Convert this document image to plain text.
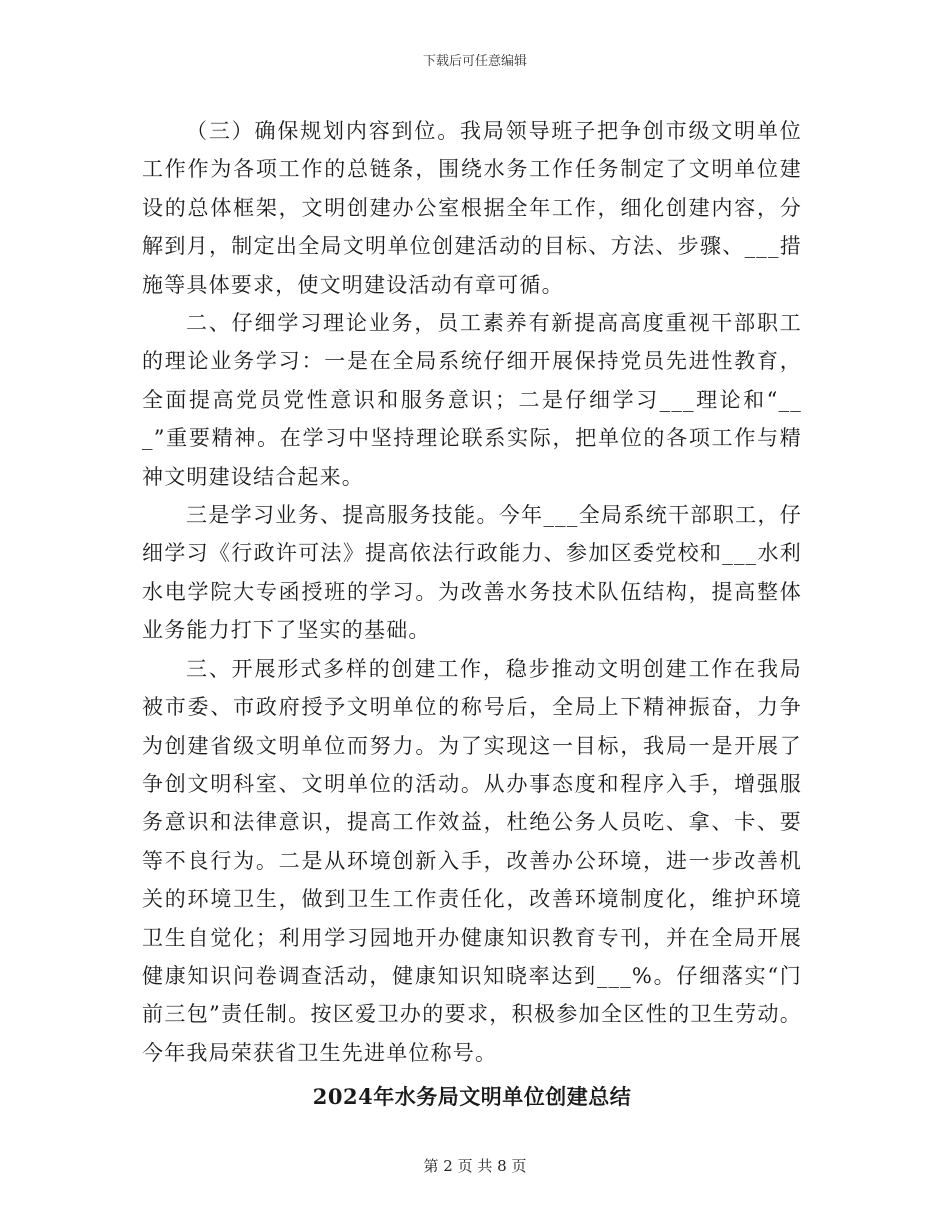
下载后可任意编辑

（三）确保规划内容到位。我局领导班子把争创市级文明单位工作作为各项工作的总链条，围绕水务工作任务制定了文明单位建设的总体框架，文明创建办公室根据全年工作，细化创建内容，分解到月，制定出全局文明单位创建活动的目标、方法、步骤、___措施等具体要求，使文明建设活动有章可循。

二、仔细学习理论业务，员工素养有新提高高度重视干部职工的理论业务学习：一是在全局系统仔细开展保持党员先进性教育，全面提高党员党性意识和服务意识；二是仔细学习___理论和“___”重要精神。在学习中坚持理论联系实际，把单位的各项工作与精神文明建设结合起来。

三是学习业务、提高服务技能。今年___全局系统干部职工，仔细学习《行政许可法》提高依法行政能力、参加区委党校和___水利水电学院大专函授班的学习。为改善水务技术队伍结构，提高整体业务能力打下了坚实的基础。

三、开展形式多样的创建工作，稳步推动文明创建工作在我局被市委、市政府授予文明单位的称号后，全局上下精神振奋，力争为创建省级文明单位而努力。为了实现这一目标，我局一是开展了争创文明科室、文明单位的活动。从办事态度和程序入手，增强服务意识和法律意识，提高工作效益，杜绝公务人员吃、拿、卡、要等不良行为。二是从环境创新入手，改善办公环境，进一步改善机关的环境卫生，做到卫生工作责任化，改善环境制度化，维护环境卫生自觉化；利用学习园地开办健康知识教育专刊，并在全局开展健康知识问卷调查活动，健康知识知晓率达到___%。仔细落实“门前三包”责任制。按区爱卫办的要求，积极参加全区性的卫生劳动。今年我局荣获省卫生先进单位称号。

2024年水务局文明单位创建总结
第 2 页 共 8 页
